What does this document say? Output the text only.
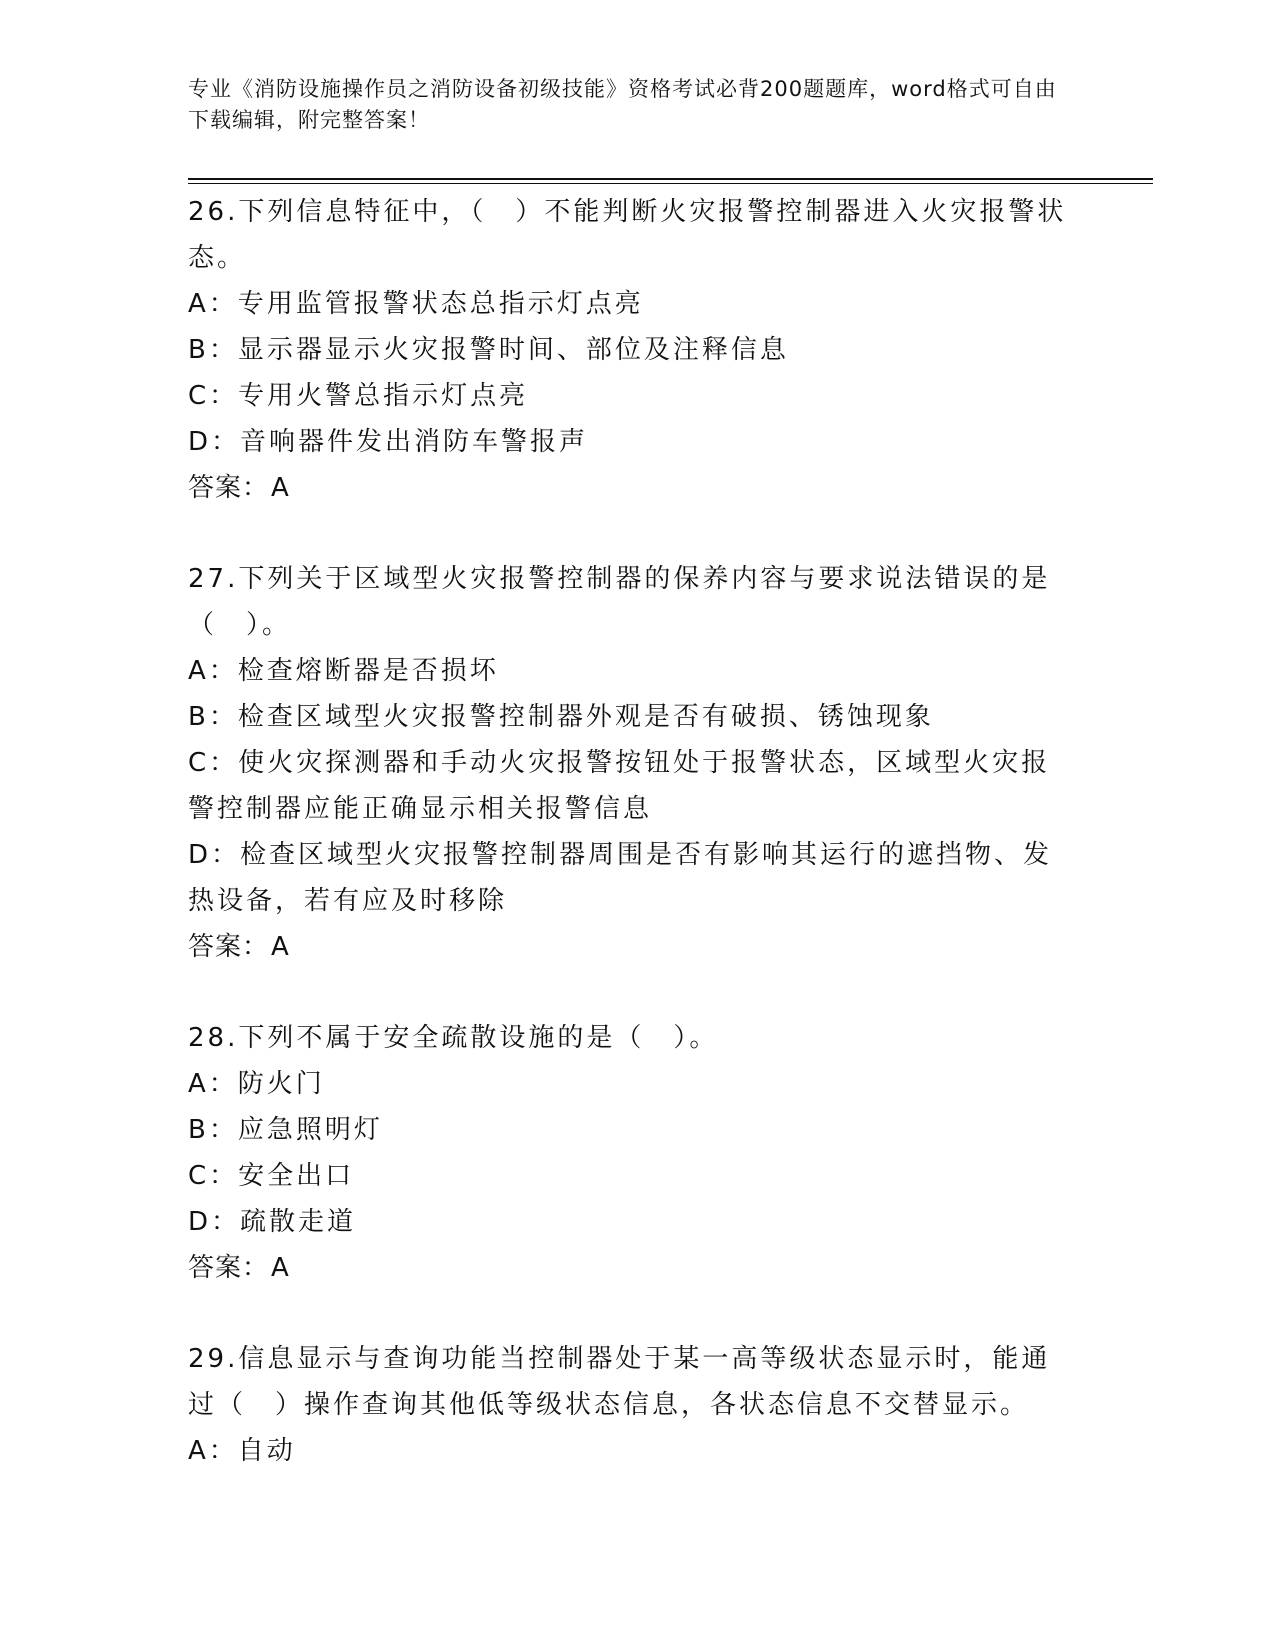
专业《消防设施操作员之消防设备初级技能》资格考试必背200题题库，word格式可自由下载编辑，附完整答案！
26.下列信息特征中，（　）不能判断火灾报警控制器进入火灾报警状态。
A：专用监管报警状态总指示灯点亮
B：显示器显示火灾报警时间、部位及注释信息
C：专用火警总指示灯点亮
D：音响器件发出消防车警报声
答案：A
27.下列关于区域型火灾报警控制器的保养内容与要求说法错误的是（　）。
A：检查熔断器是否损坏
B：检查区域型火灾报警控制器外观是否有破损、锈蚀现象
C：使火灾探测器和手动火灾报警按钮处于报警状态，区域型火灾报警控制器应能正确显示相关报警信息
D：检查区域型火灾报警控制器周围是否有影响其运行的遮挡物、发热设备，若有应及时移除
答案：A
28.下列不属于安全疏散设施的是（　）。
A：防火门
B：应急照明灯
C：安全出口
D：疏散走道
答案：A
29.信息显示与查询功能当控制器处于某一高等级状态显示时，能通过（　）操作查询其他低等级状态信息，各状态信息不交替显示。
A：自动
